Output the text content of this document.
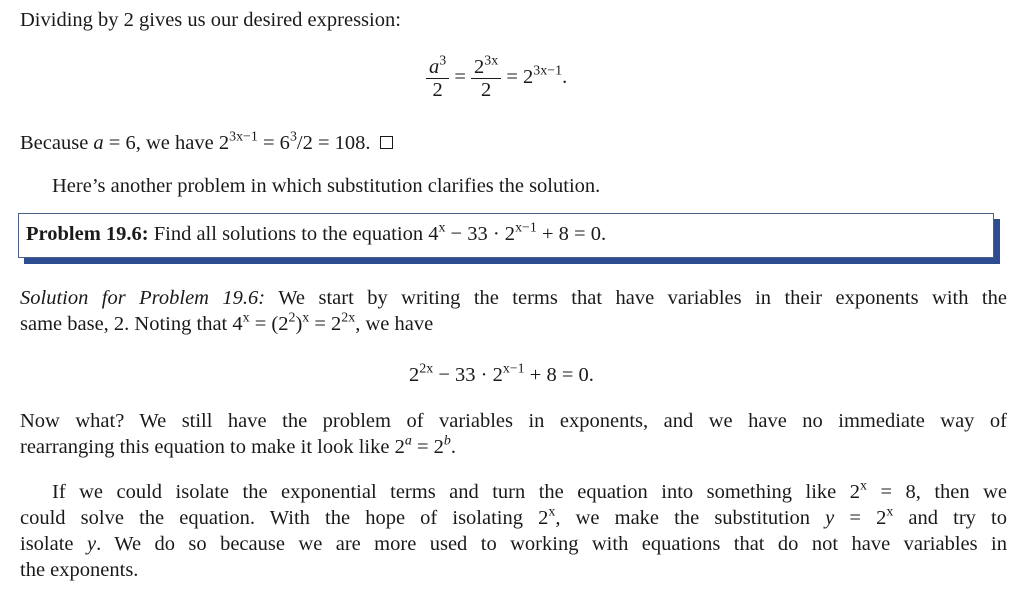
Dividing by 2 gives us our desired expression:
$\frac{a^3}{2} = \frac{2^{3x}}{2} = 2^{3x-1}$.
Because a = 6, we have $2^{3x-1} = 6^3/2 = 108$.
Here’s another problem in which substitution clarifies the solution.
Problem 19.6: Find all solutions to the equation $4^x - 33 \cdot 2^{x-1} + 8 = 0$.
Solution for Problem 19.6: We start by writing the terms that have variables in their exponents with the
same base, 2. Noting that $4^x = (2^2)^x = 2^{2x}$, we have
$2^{2x} - 33 \cdot 2^{x-1} + 8 = 0$.
Now what? We still have the problem of variables in exponents, and we have no immediate way of
rearranging this equation to make it look like $2^a = 2^b$.
If we could isolate the exponential terms and turn the equation into something like $2^x = 8$, then we
could solve the equation. With the hope of isolating 2$^x$, we make the substitution $y = 2^x$ and try to
isolate y. We do so because we are more used to working with equations that do not have variables in
the exponents.
